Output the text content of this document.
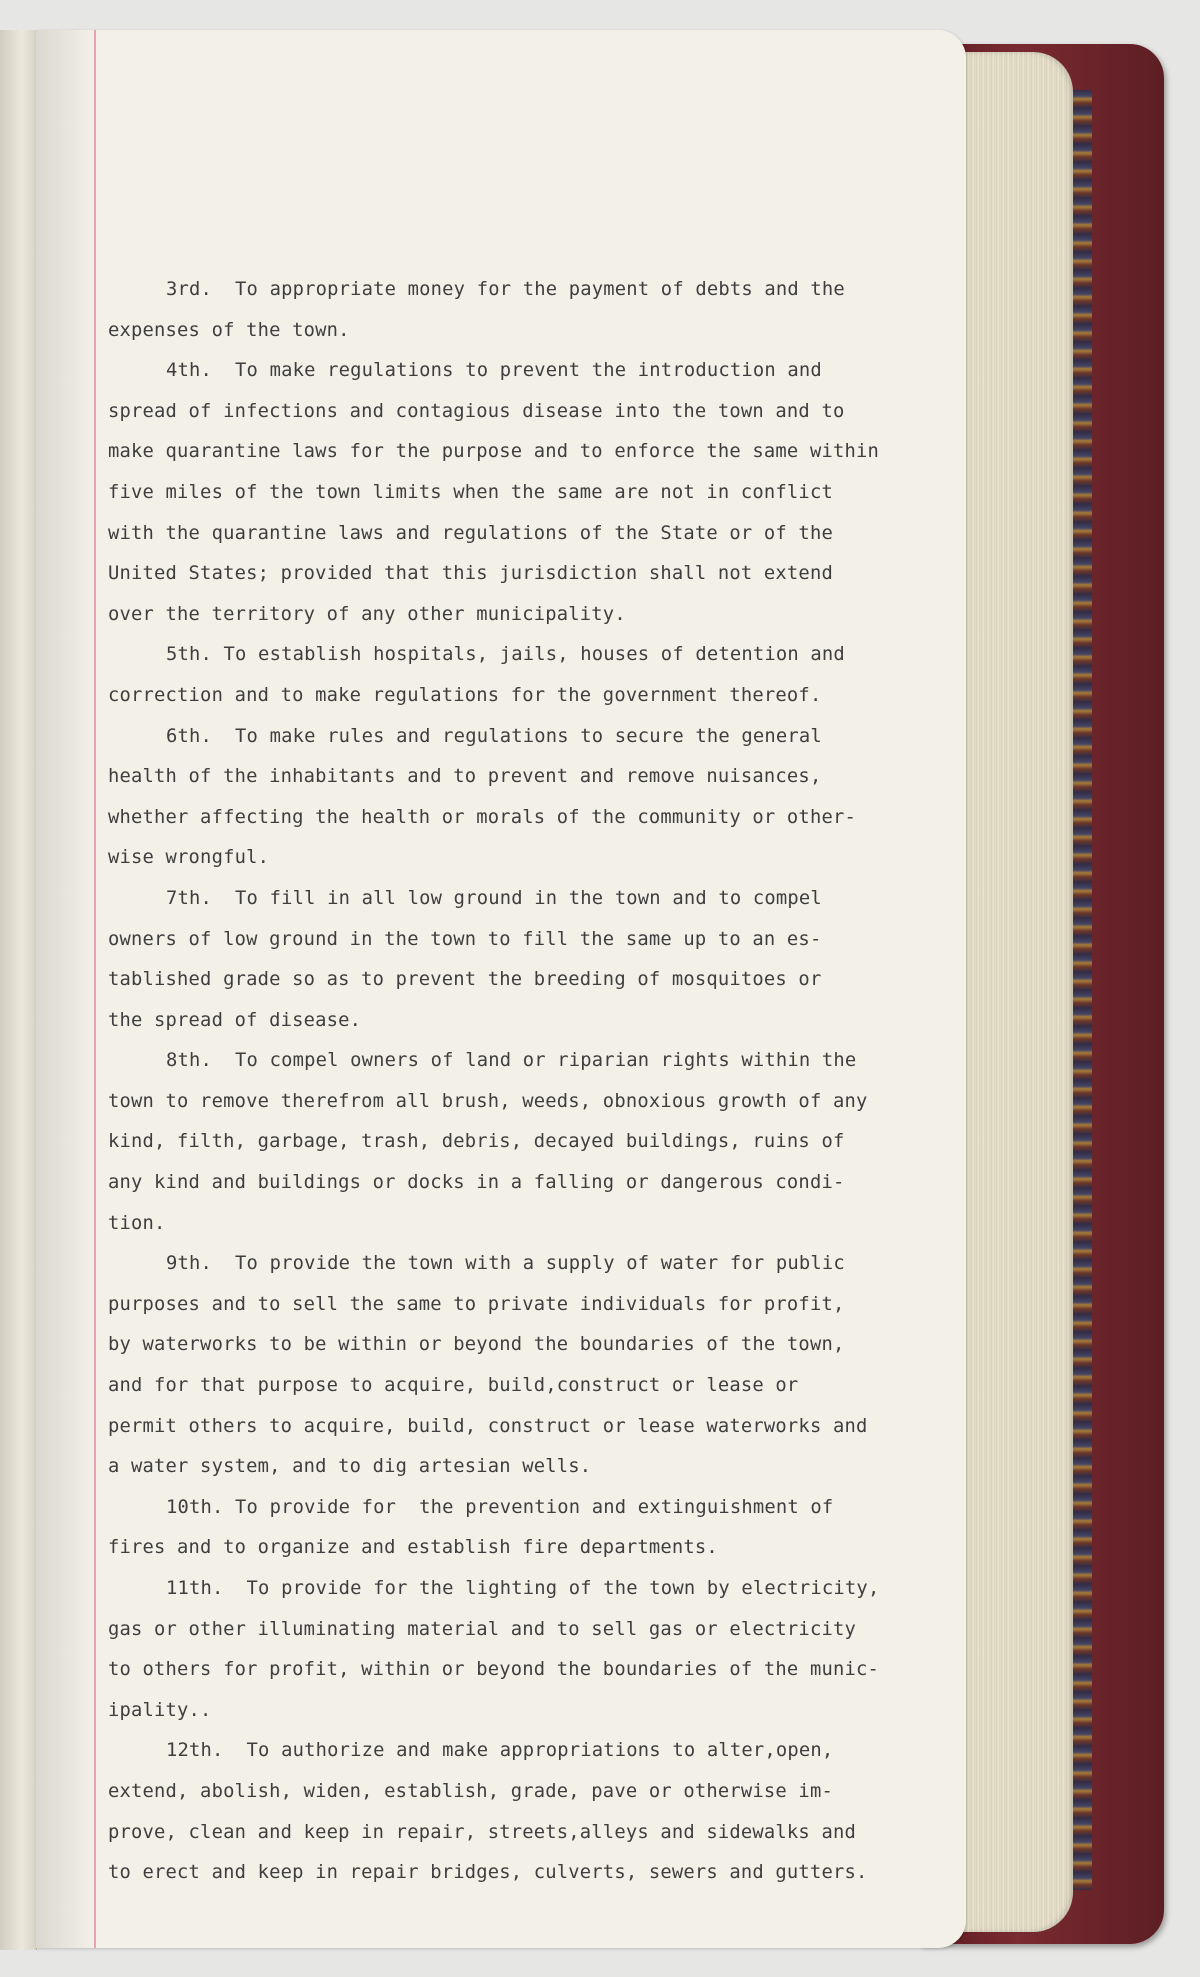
3rd.  To appropriate money for the payment of debts and the
expenses of the town.
4th.  To make regulations to prevent the introduction and
spread of infections and contagious disease into the town and to
make quarantine laws for the purpose and to enforce the same within
five miles of the town limits when the same are not in conflict
with the quarantine laws and regulations of the State or of the
United States; provided that this jurisdiction shall not extend
over the territory of any other municipality.
5th. To establish hospitals, jails, houses of detention and
correction and to make regulations for the government thereof.
6th.  To make rules and regulations to secure the general
health of the inhabitants and to prevent and remove nuisances,
whether affecting the health or morals of the community or other-
wise wrongful.
7th.  To fill in all low ground in the town and to compel
owners of low ground in the town to fill the same up to an es-
tablished grade so as to prevent the breeding of mosquitoes or
the spread of disease.
8th.  To compel owners of land or riparian rights within the
town to remove therefrom all brush, weeds, obnoxious growth of any
kind, filth, garbage, trash, debris, decayed buildings, ruins of
any kind and buildings or docks in a falling or dangerous condi-
tion.
9th.  To provide the town with a supply of water for public
purposes and to sell the same to private individuals for profit,
by waterworks to be within or beyond the boundaries of the town,
and for that purpose to acquire, build,construct or lease or
permit others to acquire, build, construct or lease waterworks and
a water system, and to dig artesian wells.
10th. To provide for  the prevention and extinguishment of
fires and to organize and establish fire departments.
11th.  To provide for the lighting of the town by electricity,
gas or other illuminating material and to sell gas or electricity
to others for profit, within or beyond the boundaries of the munic-
ipality..
12th.  To authorize and make appropriations to alter,open,
extend, abolish, widen, establish, grade, pave or otherwise im-
prove, clean and keep in repair, streets,alleys and sidewalks and
to erect and keep in repair bridges, culverts, sewers and gutters.
